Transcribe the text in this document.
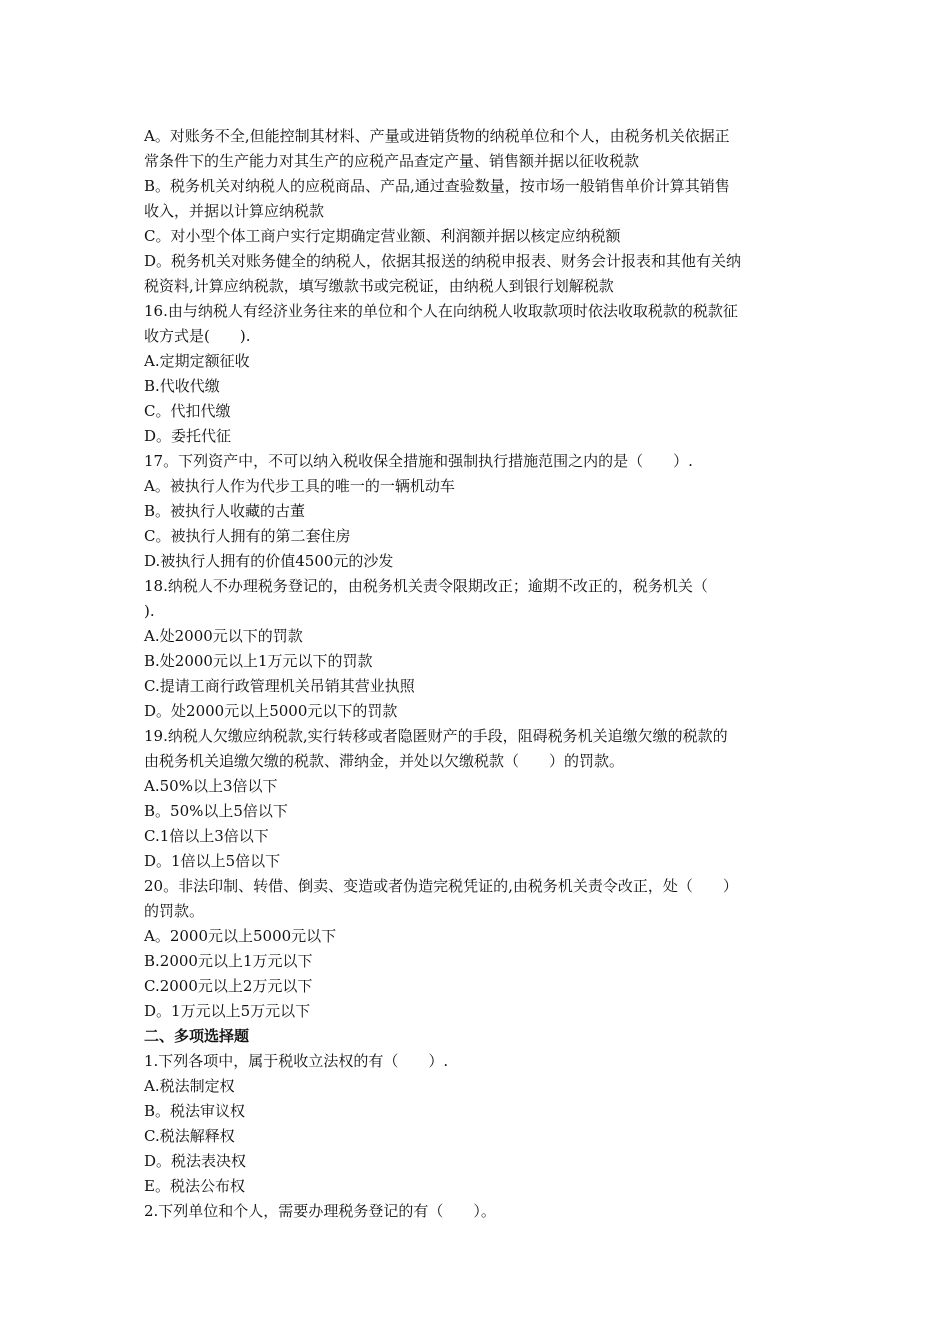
A。对账务不全,但能控制其材料、产量或进销货物的纳税单位和个人，由税务机关依据正
常条件下的生产能力对其生产的应税产品查定产量、销售额并据以征收税款
B。税务机关对纳税人的应税商品、产品,通过查验数量，按市场一般销售单价计算其销售
收入，并据以计算应纳税款
C。对小型个体工商户实行定期确定营业额、利润额并据以核定应纳税额
D。税务机关对账务健全的纳税人，依据其报送的纳税申报表、财务会计报表和其他有关纳
税资料,计算应纳税款，填写缴款书或完税证，由纳税人到银行划解税款
16.由与纳税人有经济业务往来的单位和个人在向纳税人收取款项时依法收取税款的税款征
收方式是(　　).
A.定期定额征收
B.代收代缴
C。代扣代缴
D。委托代征
17。下列资产中，不可以纳入税收保全措施和强制执行措施范围之内的是（　　）.
A。被执行人作为代步工具的唯一的一辆机动车
B。被执行人收藏的古董
C。被执行人拥有的第二套住房
D.被执行人拥有的价值4500元的沙发
18.纳税人不办理税务登记的，由税务机关责令限期改正；逾期不改正的，税务机关（
).
A.处2000元以下的罚款
B.处2000元以上1万元以下的罚款
C.提请工商行政管理机关吊销其营业执照
D。处2000元以上5000元以下的罚款
19.纳税人欠缴应纳税款,实行转移或者隐匿财产的手段，阻碍税务机关追缴欠缴的税款的
由税务机关追缴欠缴的税款、滞纳金，并处以欠缴税款（　　）的罚款。
A.50%以上3倍以下
B。50%以上5倍以下
C.1倍以上3倍以下
D。1倍以上5倍以下
20。非法印制、转借、倒卖、变造或者伪造完税凭证的,由税务机关责令改正，处（　　）
的罚款。
A。2000元以上5000元以下
B.2000元以上1万元以下
C.2000元以上2万元以下
D。1万元以上5万元以下
二、多项选择题
1.下列各项中，属于税收立法权的有（　　）.
A.税法制定权
B。税法审议权
C.税法解释权
D。税法表决权
E。税法公布权
2.下列单位和个人，需要办理税务登记的有（　　）。
